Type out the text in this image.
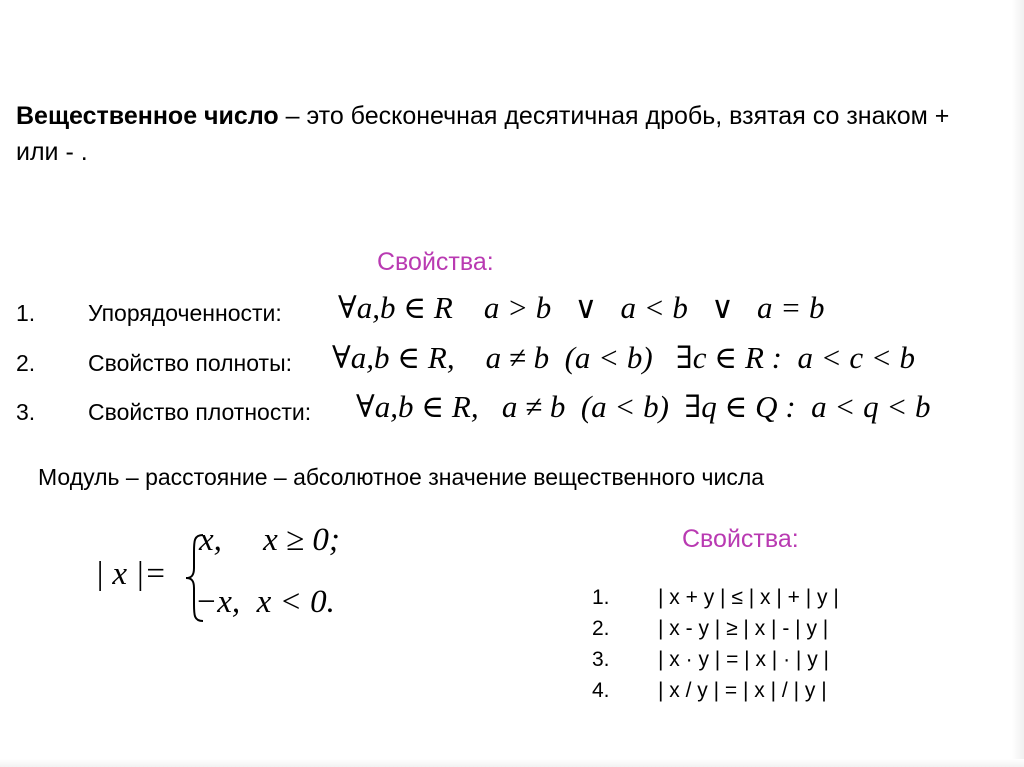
Вещественное число – это бесконечная десятичная дробь, взятая со знаком + или - .
Свойства:
1. Упорядоченности: ∀a,b ∈ R    a > b   ∨   a < b   ∨   a = b
2. Свойство полноты: ∀a,b ∈ R,    a ≠ b  (a < b)   ∃c ∈ R :  a < c < b
3. Свойство плотности: ∀a,b ∈ R,   a ≠ b  (a < b)  ∃q ∈ Q :  a < q < b
Модуль – расстояние – абсолютное значение вещественного числа
| x |=
x,     x ≥ 0;
−x,  x < 0.
Свойства:
1. | x + y | ≤ | x | + | y |
2. | x - y | ≥ | x | - | y |
3. | x · y | = | x | · | y |
4. | x / y | = | x | / | y |
